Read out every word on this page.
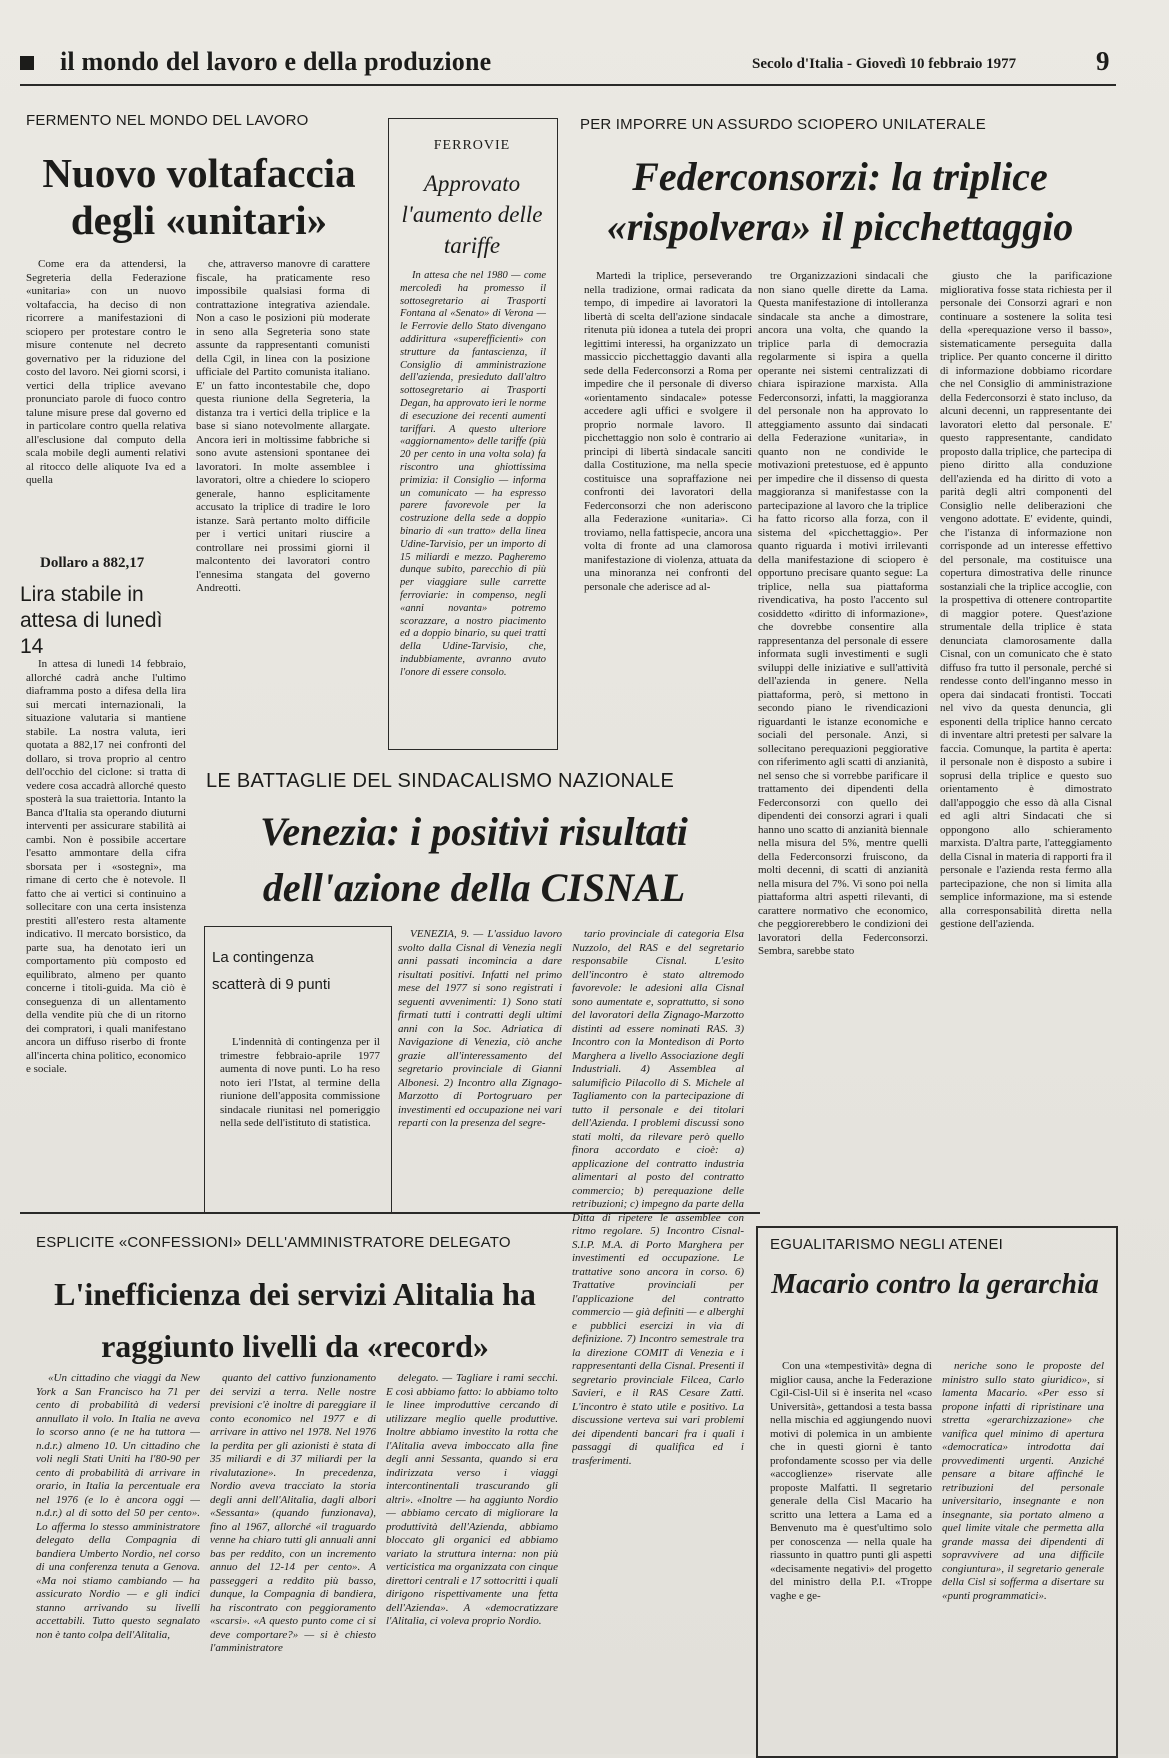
il mondo del lavoro e della produzione	Secolo d'Italia - Giovedì 10 febbraio 1977	9
FERMENTO NEL MONDO DEL LAVORO
Nuovo voltafaccia degli «unitari»

Come era da attendersi, la Segreteria della Federazione «unitaria» con un nuovo voltafaccia, ha deciso di non ricorrere a manifestazioni di sciopero per protestare contro le misure contenute nel decreto governativo per la riduzione del costo del lavoro. Nei giorni scorsi, i vertici della triplice avevano pronunciato parole di fuoco contro talune misure prese dal governo ed in particolare contro quella relativa all'esclusione dal computo della scala mobile degli aumenti relativi al ritocco delle aliquote Iva ed a quella

che, attraverso manovre di carattere fiscale, ha praticamente reso impossibile qualsiasi forma di contrattazione integrativa aziendale. Non a caso le posizioni più moderate in seno alla Segreteria sono state assunte da rappresentanti comunisti della Cgil, in linea con la posizione ufficiale del Partito comunista italiano. E' un fatto incontestabile che, dopo questa riunione della Segreteria, la distanza tra i vertici della triplice e la base si siano notevolmente allargate. Ancora ieri in moltissime fabbriche si sono avute astensioni spontanee dei lavoratori. In molte assemblee i lavoratori, oltre a chiedere lo sciopero generale, hanno esplicitamente accusato la triplice di tradire le loro istanze. Sarà pertanto molto difficile per i vertici unitari riuscire a controllare nei prossimi giorni il malcontento dei lavoratori contro l'ennesima stangata del governo Andreotti.

Dollaro a 882,17
Lira stabile in attesa di lunedì 14

In attesa di lunedì 14 febbraio, allorché cadrà anche l'ultimo diaframma posto a difesa della lira sui mercati internazionali, la situazione valutaria si mantiene stabile. La nostra valuta, ieri quotata a 882,17 nei confronti del dollaro, si trova proprio al centro dell'occhio del ciclone: si tratta di vedere cosa accadrà allorché questo sposterà la sua traiettoria. Intanto la Banca d'Italia sta operando diuturni interventi per assicurare stabilità ai cambi. Non è possibile accertare l'esatto ammontare della cifra sborsata per i «sostegni», ma rimane di certo che è notevole. Il fatto che ai vertici si continuino a sollecitare con una certa insistenza prestiti all'estero resta altamente indicativo. Il mercato borsistico, da parte sua, ha denotato ieri un comportamento più composto ed equilibrato, almeno per quanto concerne i titoli-guida. Ma ciò è conseguenza di un allentamento della vendite più che di un ritorno dei compratori, i quali manifestano ancora un diffuso riserbo di fronte all'incerta china politico, economico e sociale.

FERROVIE
Approvato l'aumento delle tariffe

In attesa che nel 1980 — come mercoledì ha promesso il sottosegretario ai Trasporti Fontana al «Senato» di Verona — le Ferrovie dello Stato divengano addirittura «superefficienti» con strutture da fantascienza, il Consiglio di amministrazione dell'azienda, presieduto dall'altro sottosegretario ai Trasporti Degan, ha approvato ieri le norme di esecuzione dei recenti aumenti tariffari. A questo ulteriore «aggiornamento» delle tariffe (più 20 per cento in una volta sola) fa riscontro una ghiottissima primizia: il Consiglio — informa un comunicato — ha espresso parere favorevole per la costruzione della sede a doppio binario di «un tratto» della linea Udine-Tarvisio, per un importo di 15 miliardi e mezzo. Pagheremo dunque subito, parecchio di più per viaggiare sulle carrette ferroviarie: in compenso, negli «anni novanta» potremo scorazzare, a nostro piacimento ed a doppio binario, su quei tratti della Udine-Tarvisio, che, indubbiamente, avranno avuto l'onore di essere consolo.

PER IMPORRE UN ASSURDO SCIOPERO UNILATERALE
Federconsorzi: la triplice «rispolvera» il picchettaggio

Martedì la triplice, perseverando nella tradizione, ormai radicata da tempo, di impedire ai lavoratori la libertà di scelta dell'azione sindacale ritenuta più idonea a tutela dei propri legittimi interessi, ha organizzato un massiccio picchettaggio davanti alla sede della Federconsorzi a Roma per impedire che il personale di diverso «orientamento sindacale» potesse accedere agli uffici e svolgere il proprio normale lavoro. Il picchettaggio non solo è contrario ai principi di libertà sindacale sanciti dalla Costituzione, ma nella specie costituisce una sopraffazione nei confronti dei lavoratori della Federconsorzi che non aderiscono alla Federazione «unitaria». Ci troviamo, nella fattispecie, ancora una volta di fronte ad una clamorosa manifestazione di violenza, attuata da una minoranza nei confronti del personale che aderisce ad al-

tre Organizzazioni sindacali che non siano quelle dirette da Lama. Questa manifestazione di intolleranza sindacale sta anche a dimostrare, ancora una volta, che quando la triplice parla di democrazia regolarmente si ispira a quella operante nei sistemi centralizzati di chiara ispirazione marxista. Alla Federconsorzi, infatti, la maggioranza del personale non ha approvato lo atteggiamento assunto dai sindacati della Federazione «unitaria», in quanto non ne condivide le motivazioni pretestuose, ed è appunto per impedire che il dissenso di questa maggioranza si manifestasse con la partecipazione al lavoro che la triplice ha fatto ricorso alla forza, con il sistema del «picchettaggio». Per quanto riguarda i motivi irrilevanti della manifestazione di sciopero è opportuno precisare quanto segue: La triplice, nella sua piattaforma rivendicativa, ha posto l'accento sul cosiddetto «diritto di informazione», che dovrebbe consentire alla rappresentanza del personale di essere informata sugli investimenti e sugli sviluppi delle iniziative e sull'attività dell'azienda in genere. Nella piattaforma, però, si mettono in secondo piano le rivendicazioni riguardanti le istanze economiche e sociali del personale. Anzi, si sollecitano perequazioni peggiorative con riferimento agli scatti di anzianità, nel senso che si vorrebbe parificare il trattamento dei dipendenti della Federconsorzi con quello dei dipendenti dei consorzi agrari i quali hanno uno scatto di anzianità biennale nella misura del 5%, mentre quelli della Federconsorzi fruiscono, da molti decenni, di scatti di anzianità nella misura del 7%. Vi sono poi nella piattaforma altri aspetti rilevanti, di carattere normativo che economico, che peggiorerebbero le condizioni dei lavoratori della Federconsorzi. Sembra, sarebbe stato

giusto che la parificazione migliorativa fosse stata richiesta per il personale dei Consorzi agrari e non continuare a sostenere la solita tesi della «perequazione verso il basso», sistematicamente perseguita dalla triplice. Per quanto concerne il diritto di informazione dobbiamo ricordare che nel Consiglio di amministrazione della Federconsorzi è stato incluso, da alcuni decenni, un rappresentante dei lavoratori eletto dal personale. E' questo rappresentante, candidato proposto dalla triplice, che partecipa di pieno diritto alla conduzione dell'azienda ed ha diritto di voto a parità degli altri componenti del Consiglio nelle deliberazioni che vengono adottate. E' evidente, quindi, che l'istanza di informazione non corrisponde ad un interesse effettivo del personale, ma costituisce una copertura dimostrativa delle rinunce sostanziali che la triplice accoglie, con la prospettiva di ottenere contropartite di maggior potere. Quest'azione strumentale della triplice è stata denunciata clamorosamente dalla Cisnal, con un comunicato che è stato diffuso fra tutto il personale, perché si rendesse conto dell'inganno messo in opera dai sindacati frontisti. Toccati nel vivo da questa denuncia, gli esponenti della triplice hanno cercato di inventare altri pretesti per salvare la faccia. Comunque, la partita è aperta: il personale non è disposto a subire i soprusi della triplice e questo suo orientamento è dimostrato dall'appoggio che esso dà alla Cisnal ed agli altri Sindacati che si oppongono allo schieramento marxista. D'altra parte, l'atteggiamento della Cisnal in materia di rapporti fra il personale e l'azienda resta fermo alla partecipazione, che non si limita alla semplice informazione, ma si estende alla corresponsabilità diretta nella gestione dell'azienda.

LE BATTAGLIE DEL SINDACALISMO NAZIONALE
Venezia: i positivi risultati dell'azione della CISNAL

VENEZIA, 9. — L'assiduo lavoro svolto dalla Cisnal di Venezia negli anni passati incomincia a dare risultati positivi. Infatti nel primo mese del 1977 si sono registrati i seguenti avvenimenti: 1) Sono stati firmati tutti i contratti degli ultimi anni con la Soc. Adriatica di Navigazione di Venezia, ciò anche grazie all'interessamento del segretario provinciale di Gianni Albonesi. 2) Incontro alla Zignago-Marzotto di Portogruaro per investimenti ed occupazione nei vari reparti con la presenza del segre-

tario provinciale di categoria Elsa Nuzzolo, del RAS e del segretario responsabile Cisnal. L'esito dell'incontro è stato altremodo favorevole: le adesioni alla Cisnal sono aumentate e, soprattutto, si sono del lavoratori della Zignago-Marzotto distinti ad essere nominati RAS. 3) Incontro con la Montedison di Porto Marghera a livello Associazione degli Industriali. 4) Assemblea al salumificio Pilacollo di S. Michele al Tagliamento con la partecipazione di tutto il personale e dei titolari dell'Azienda. I problemi discussi sono stati molti, da rilevare però quello finora accordato e cioè: a) applicazione del contratto industria alimentari al posto del contratto commercio; b) perequazione delle retribuzioni; c) impegno da parte della Ditta di ripetere le assemblee con ritmo regolare. 5) Incontro Cisnal-S.I.P. M.A. di Porto Marghera per investimenti ed occupazione. Le trattative sono ancora in corso. 6) Trattative provinciali per l'applicazione del contratto commercio — già definiti — e alberghi e pubblici esercizi in via di definizione. 7) Incontro semestrale tra la direzione COMIT di Venezia e i rappresentanti della Cisnal. Presenti il segretario provinciale Filcea, Carlo Savieri, e il RAS Cesare Zatti. L'incontro è stato utile e positivo. La discussione verteva sui vari problemi dei dipendenti bancari fra i quali i passaggi di qualifica ed i trasferimenti.

La contingenza scatterà di 9 punti

L'indennità di contingenza per il trimestre febbraio-aprile 1977 aumenta di nove punti. Lo ha reso noto ieri l'Istat, al termine della riunione dell'apposita commissione sindacale riunitasi nel pomeriggio nella sede dell'istituto di statistica.

ESPLICITE «CONFESSIONI» DELL'AMMINISTRATORE DELEGATO
L'inefficienza dei servizi Alitalia ha raggiunto livelli da «record»

«Un cittadino che viaggi da New York a San Francisco ha 71 per cento di probabilità di vedersi annullato il volo. In Italia ne aveva lo scorso anno (e ne ha tuttora — n.d.r.) almeno 10. Un cittadino che voli negli Stati Uniti ha l'80-90 per cento di probabilità di arrivare in orario, in Italia la percentuale era nel 1976 (e lo è ancora oggi — n.d.r.) al di sotto del 50 per cento». Lo afferma lo stesso amministratore delegato della Compagnia di bandiera Umberto Nordio, nel corso di una conferenza tenuta a Genova. «Ma noi stiamo cambiando — ha assicurato Nordio — e gli indici stanno arrivando su livelli accettabili. Tutto questo segnalato non è tanto colpa dell'Alitalia,

quanto del cattivo funzionamento dei servizi a terra. Nelle nostre previsioni c'è inoltre di pareggiare il conto economico nel 1977 e di arrivare in attivo nel 1978. Nel 1976 la perdita per gli azionisti è stata di 35 miliardi e di 37 miliardi per la rivalutazione». In precedenza, Nordio aveva tracciato la storia degli anni dell'Alitalia, dagli albori «Sessanta» (quando funzionava), fino al 1967, allorché «il traguardo venne ha chiaro tutti gli annuali anni bas per reddito, con un incremento annuo del 12-14 per cento». A passeggeri a reddito più basso, dunque, la Compagnia di bandiera, ha riscontrato con peggioramento «scarsi». «A questo punto come ci si deve comportare?» — si è chiesto l'amministratore

delegato. — Tagliare i rami secchi. E così abbiamo fatto: lo abbiamo tolto le linee improduttive cercando di utilizzare meglio quelle produttive. Inoltre abbiamo investito la rotta che l'Alitalia aveva imboccato alla fine degli anni Sessanta, quando si era indirizzata verso i viaggi intercontinentali trascurando gli altri». «Inoltre — ha aggiunto Nordio — abbiamo cercato di migliorare la produttività dell'Azienda, abbiamo bloccato gli organici ed abbiamo variato la struttura interna: non più verticistica ma organizzata con cinque direttori centrali e 17 sottocritti i quali dirigono rispettivamente una fetta dell'Azienda». A «democratizzare l'Alitalia, ci voleva proprio Nordio.

EGUALITARISMO NEGLI ATENEI
Macario contro la gerarchia

Con una «tempestività» degna di miglior causa, anche la Federazione Cgil-Cisl-Uil si è inserita nel «caso Università», gettandosi a testa bassa nella mischia ed aggiungendo nuovi motivi di polemica in un ambiente che in questi giorni è tanto profondamente scosso per via delle «accoglienze» riservate alle proposte Malfatti. Il segretario generale della Cisl Macario ha scritto una lettera a Lama ed a Benvenuto ma è quest'ultimo solo per conoscenza — nella quale ha riassunto in quattro punti gli aspetti «decisamente negativi» del progetto del ministro della P.I. «Troppe vaghe e ge-

neriche sono le proposte del ministro sullo stato giuridico», si lamenta Macario. «Per esso si propone infatti di ripristinare una stretta «gerarchizzazione» che vanifica quel minimo di apertura «democratica» introdotta dai provvedimenti urgenti. Anziché pensare a bitare affinché le retribuzioni del personale universitario, insegnante e non insegnante, sia portato almeno a quel limite vitale che permetta alla grande massa dei dipendenti di sopravvivere ad una difficile congiuntura», il segretario generale della Cisl si sofferma a disertare su «punti programmatici».
